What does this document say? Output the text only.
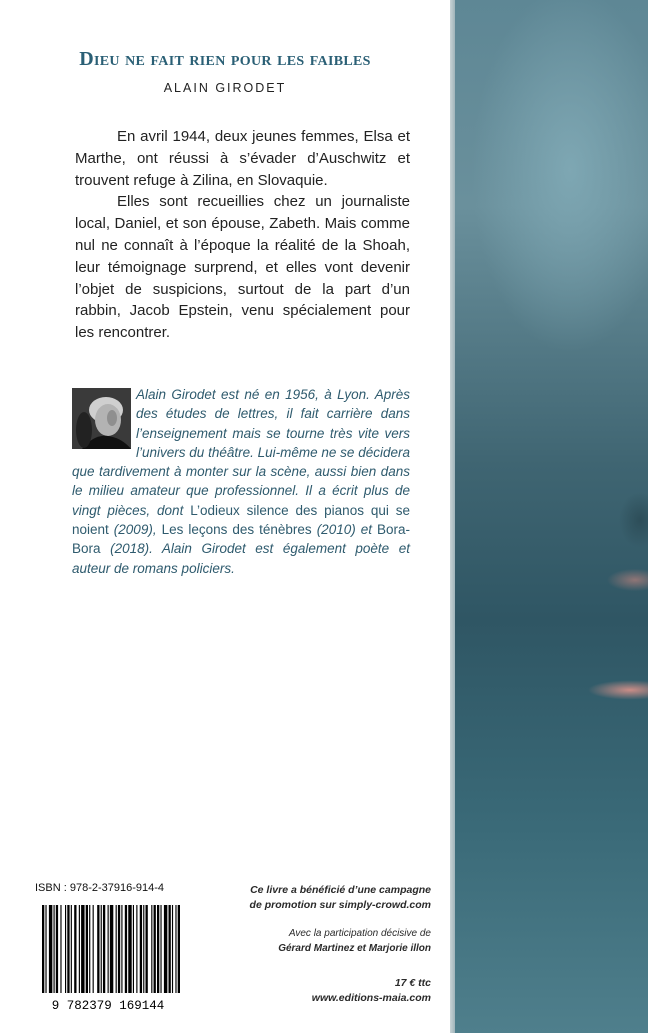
Dieu ne fait rien pour les faibles
ALAIN GIRODET

En avril 1944, deux jeunes femmes, Elsa et Marthe, ont réussi à s’évader d’Auschwitz et trouvent refuge à Zilina, en Slovaquie.

Elles sont recueillies chez un journaliste local, Daniel, et son épouse, Zabeth. Mais comme nul ne connaît à l’époque la réalité de la Shoah, leur témoignage surprend, et elles vont devenir l’objet de suspicions, surtout de la part d’un rabbin, Jacob Epstein, venu spécialement pour les rencontrer.

Alain Girodet est né en 1956, à Lyon. Après des études de lettres, il fait carrière dans l’enseignement mais se tourne très vite vers l’univers du théâtre. Lui-même ne se décidera que tardivement à monter sur la scène, aussi bien dans le milieu amateur que professionnel. Il a écrit plus de vingt pièces, dont L’odieux silence des pianos qui se noient (2009), Les leçons des ténèbres (2010) et Bora-Bora (2018). Alain Girodet est également poète et auteur de romans policiers.
ISBN : 978-2-37916-914-4
9 782379 169144
Ce livre a bénéficié d’une campagne de promotion sur simply-crowd.com
Avec la participation décisive de
Gérard Martinez et Marjorie illon
17 € ttc
www.editions-maia.com
